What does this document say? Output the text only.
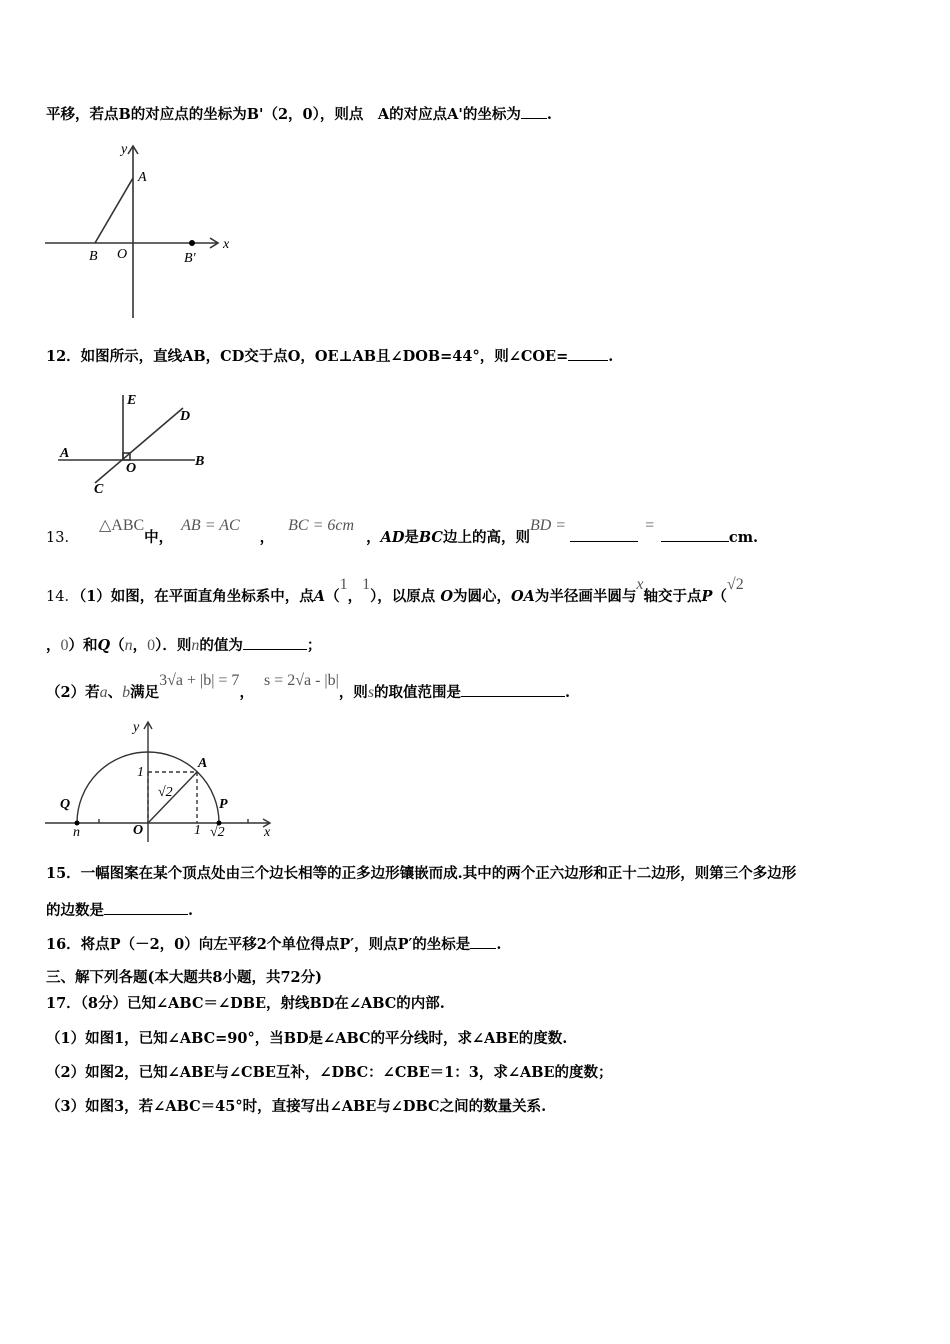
平移，若点B的对应点的坐标为B'（2，0），则点　A的对应点A'的坐标为 .
y
x
A
B O	B'
12．如图所示，直线AB，CD交于点O，OE⊥AB且∠DOB=44°，则∠COE=	.
E
D
A
O	B
C
13．△ABC中，AB = AC，BC = 6cm，AD是BC边上的高，则BD =	=cm.
14．（1）如图，在平面直角坐标系中，点A（1，1），以原点 O为圆心，OA为半径画半圆与x轴交于点P（√2
，0）和Q（n，0）．则n的值为	；
（2）若a、b满足3√a + |b| = 7，s = 2√a - |b|，则s的取值范围是	.
y
x
1
A
√2
Q	P
n	O	1 √2
15．一幅图案在某个顶点处由三个边长相等的正多边形镶嵌而成.其中的两个正六边形和正十二边形，则第三个多边形
的边数是	.
16．将点P（－2，0）向左平移2个单位得点P′，则点P′的坐标是 .
三、解下列各题(本大题共8小题，共72分)
17．（8分）已知∠ABC＝∠DBE，射线BD在∠ABC的内部.
（1）如图1，已知∠ABC=90°，当BD是∠ABC的平分线时，求∠ABE的度数.
（2）如图2，已知∠ABE与∠CBE互补，∠DBC：∠CBE＝1：3，求∠ABE的度数；
（3）如图3，若∠ABC＝45°时，直接写出∠ABE与∠DBC之间的数量关系.
